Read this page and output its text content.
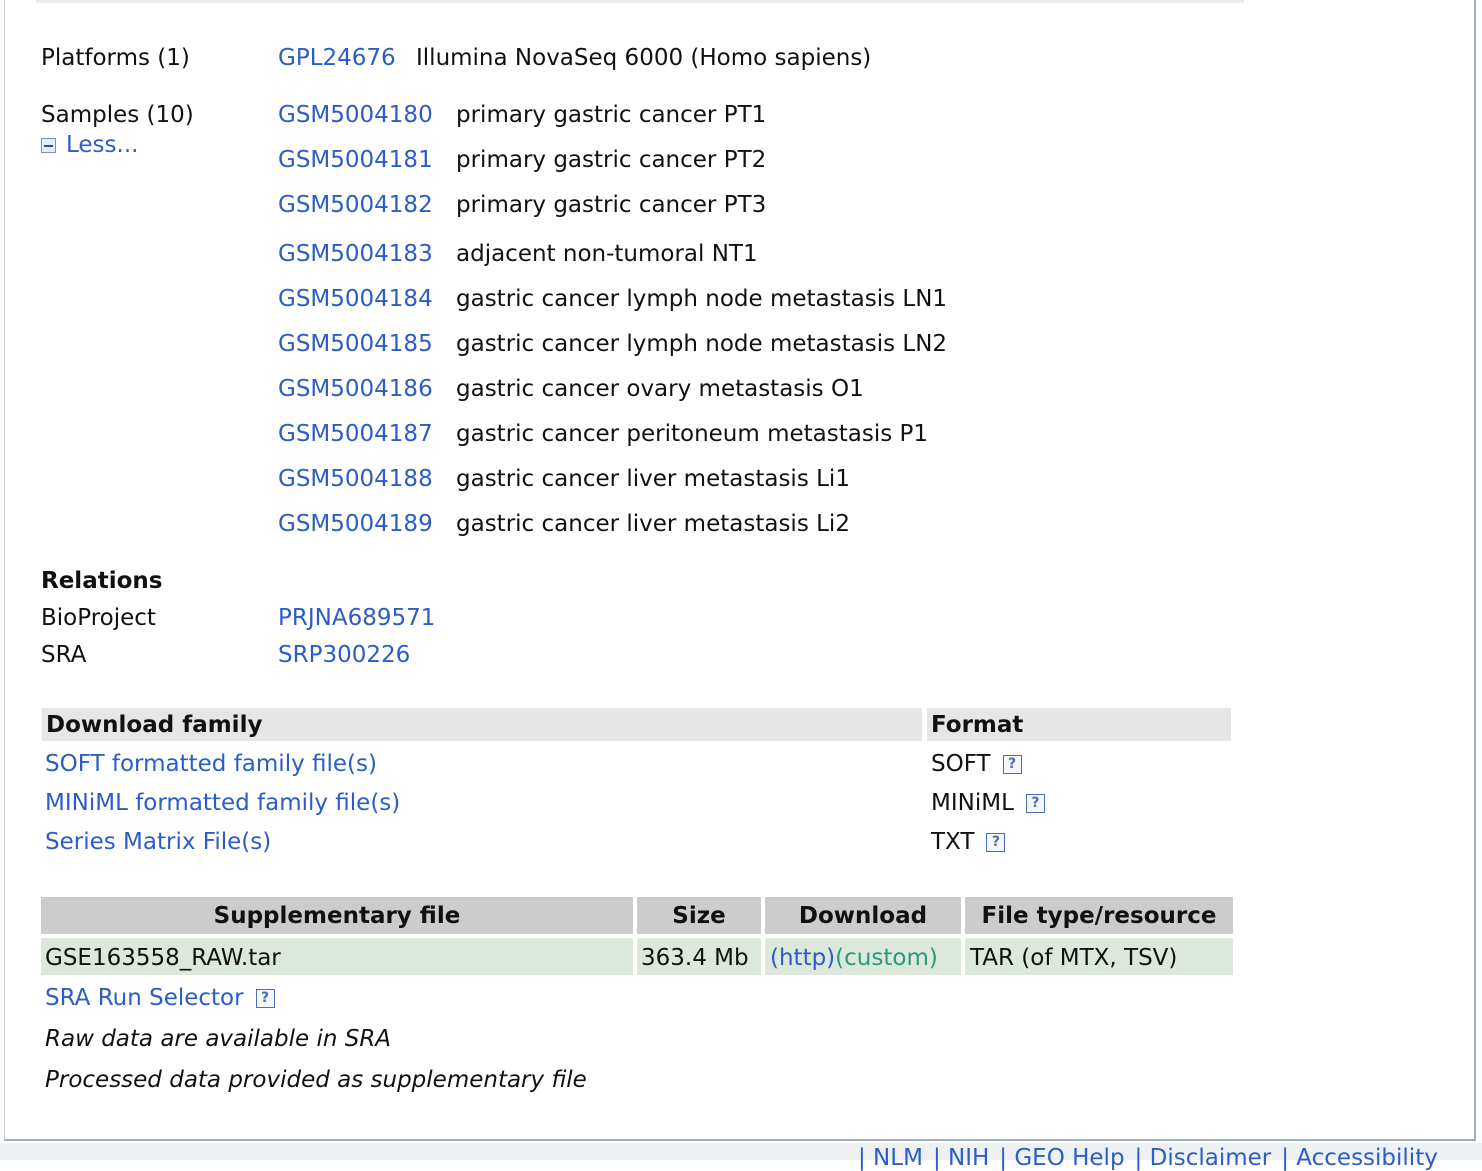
Platforms (1)	GPL24676 Illumina NovaSeq 6000 (Homo sapiens)
Samples (10)
Less...
GSM5004180 primary gastric cancer PT1
GSM5004181 primary gastric cancer PT2
GSM5004182 primary gastric cancer PT3
GSM5004183 adjacent non-tumoral NT1
GSM5004184 gastric cancer lymph node metastasis LN1
GSM5004185 gastric cancer lymph node metastasis LN2
GSM5004186 gastric cancer ovary metastasis O1
GSM5004187 gastric cancer peritoneum metastasis P1
GSM5004188 gastric cancer liver metastasis Li1
GSM5004189 gastric cancer liver metastasis Li2
Relations
BioProject	PRJNA689571
SRA	SRP300226
Download family	Format
SOFT formatted family file(s)	SOFT ?
MINiML formatted family file(s)	MINiML ?
Series Matrix File(s)	TXT ?
Supplementary file	Size	Download	File type/resource
GSE163558_RAW.tar	363.4 Mb (http)(custom)	TAR (of MTX, TSV)
SRA Run Selector ?
Raw data are available in SRA
Processed data provided as supplementary file
| NLM | NIH | GEO Help | Disclaimer | Accessibility
